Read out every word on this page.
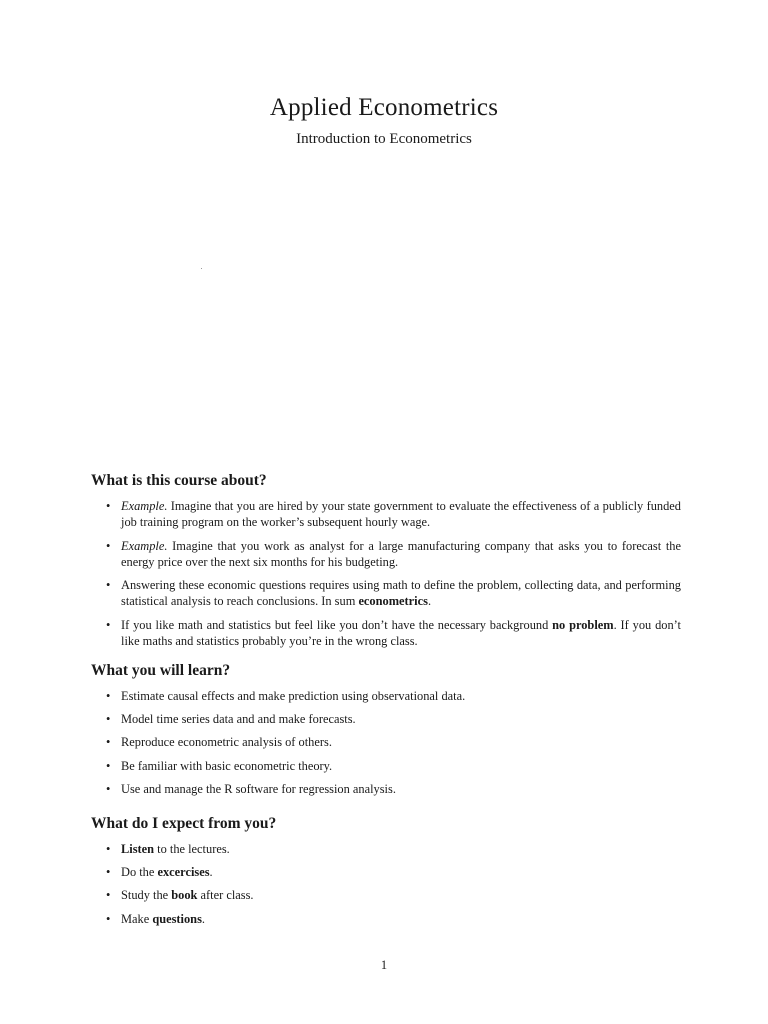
Applied Econometrics
Introduction to Econometrics
What is this course about?
• Example. Imagine that you are hired by your state government to evaluate the effectiveness of a publicly funded job training program on the worker’s subsequent hourly wage.
• Example. Imagine that you work as analyst for a large manufacturing company that asks you to forecast the energy price over the next six months for his budgeting.
• Answering these economic questions requires using math to define the problem, collecting data, and performing statistical analysis to reach conclusions. In sum econometrics.
• If you like math and statistics but feel like you don’t have the necessary background no problem. If you don’t like maths and statistics probably you’re in the wrong class.
What you will learn?
• Estimate causal effects and make prediction using observational data.
• Model time series data and and make forecasts.
• Reproduce econometric analysis of others.
• Be familiar with basic econometric theory.
• Use and manage the R software for regression analysis.
What do I expect from you?
• Listen to the lectures.
• Do the excercises.
• Study the book after class.
• Make questions.
1
